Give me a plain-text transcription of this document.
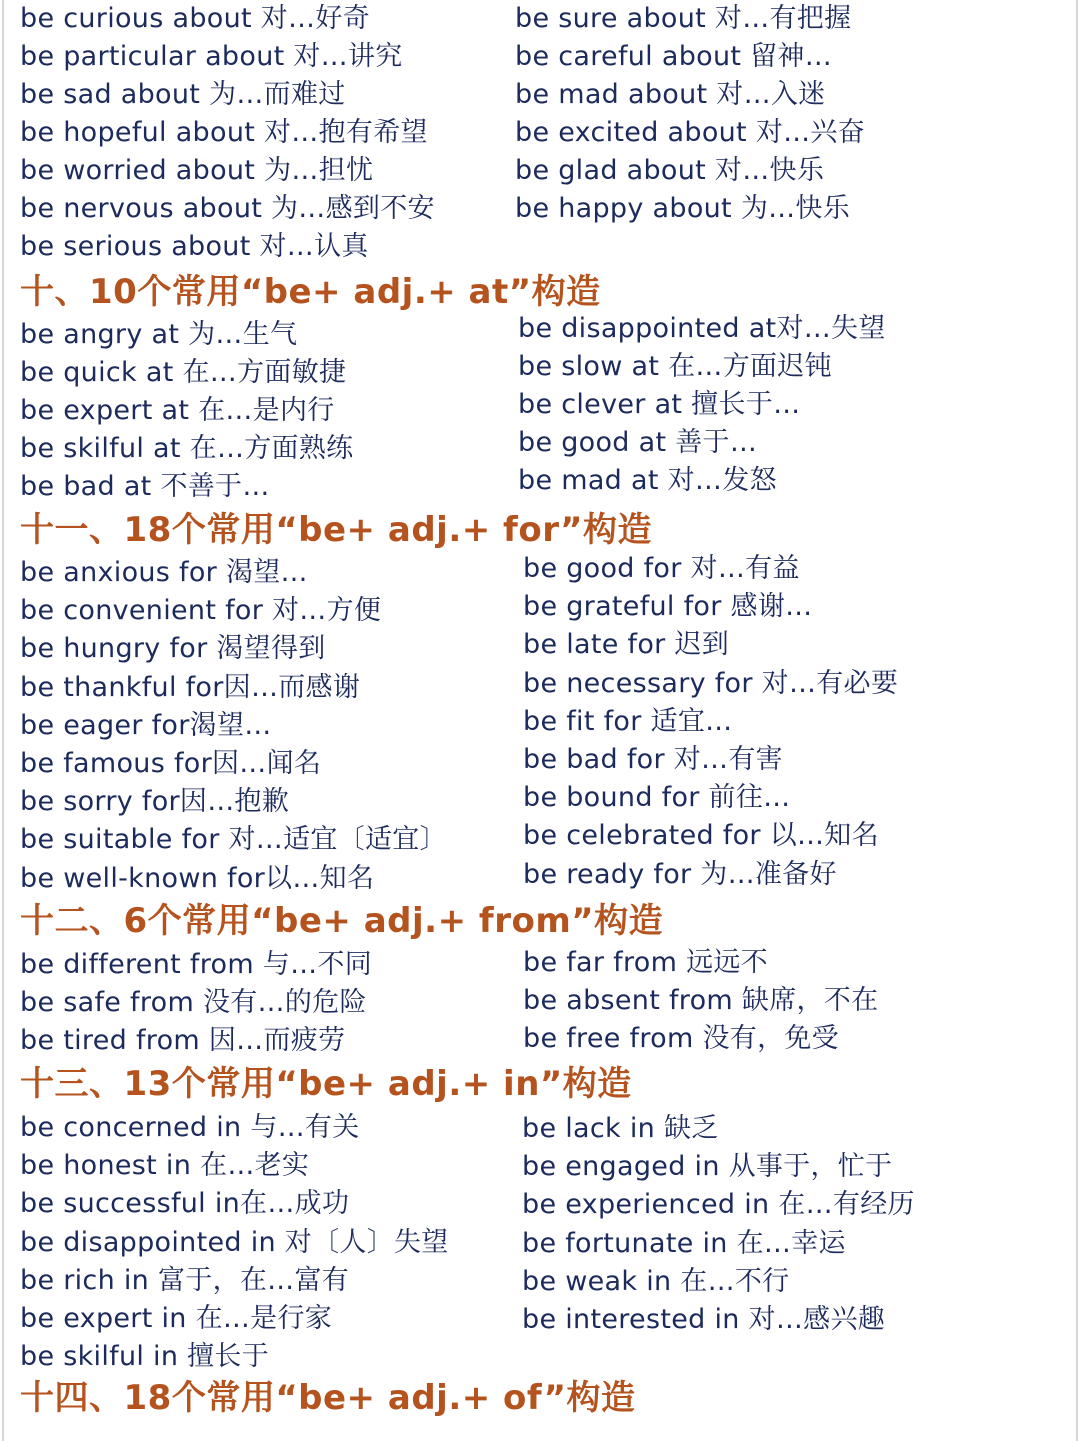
be curious about 对…好奇
be particular about 对…讲究
be sad about 为…而难过
be hopeful about 对…抱有希望
be worried about 为…担忧
be nervous about 为…感到不安
be serious about 对…认真
be sure about 对…有把握
be careful about 留神…
be mad about 对…入迷
be excited about 对…兴奋
be glad about 对…快乐
be happy about 为…快乐
十、10个常用“be+ adj.+ at”构造
be angry at 为…生气
be quick at 在…方面敏捷
be expert at 在…是内行
be skilful at 在…方面熟练
be bad at 不善于…
be disappointed at对…失望
be slow at 在…方面迟钝
be clever at 擅长于…
be good at 善于…
be mad at 对…发怒
十一、18个常用“be+ adj.+ for”构造
be anxious for 渴望…
be convenient for 对…方便
be hungry for 渴望得到
be thankful for因…而感谢
be eager for渴望…
be famous for因…闻名
be sorry for因…抱歉
be suitable for 对…适宜〔适宜〕
be well-known for以…知名
be good for 对…有益
be grateful for 感谢…
be late for 迟到
be necessary for 对…有必要
be fit for 适宜…
be bad for 对…有害
be bound for 前往…
be celebrated for 以…知名
be ready for 为…准备好
十二、6个常用“be+ adj.+ from”构造
be different from 与…不同
be safe from 没有…的危险
be tired from 因…而疲劳
be far from 远远不
be absent from 缺席，不在
be free from 没有，免受
十三、13个常用“be+ adj.+ in”构造
be concerned in 与…有关
be honest in 在…老实
be successful in在…成功
be disappointed in 对〔人〕失望
be rich in 富于，在…富有
be expert in 在…是行家
be skilful in 擅长于
be lack in 缺乏
be engaged in 从事于，忙于
be experienced in 在…有经历
be fortunate in 在…幸运
be weak in 在…不行
be interested in 对…感兴趣
十四、18个常用“be+ adj.+ of”构造
